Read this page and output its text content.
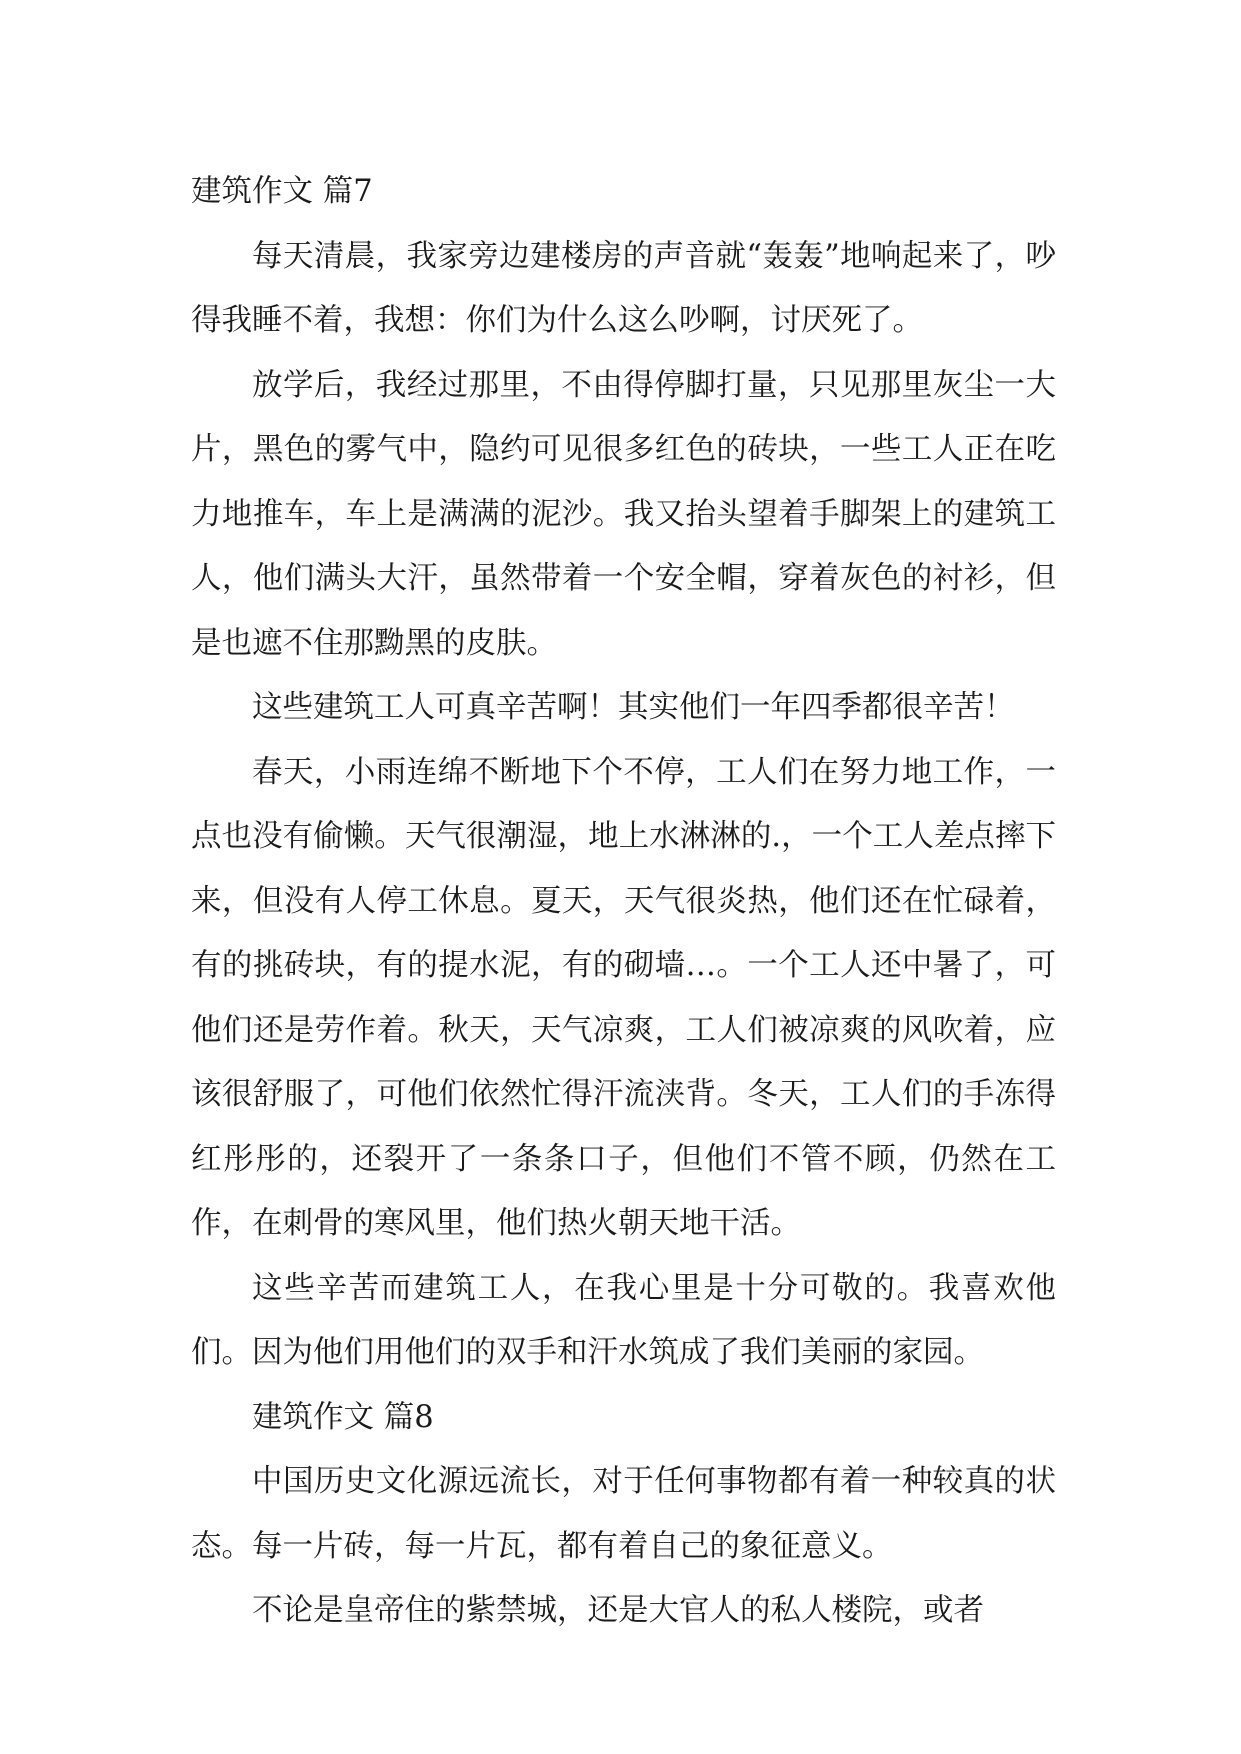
建筑作文 篇7

每天清晨，我家旁边建楼房的声音就“轰轰”地响起来了，吵得我睡不着，我想：你们为什么这么吵啊，讨厌死了。

放学后，我经过那里，不由得停脚打量，只见那里灰尘一大片，黑色的雾气中，隐约可见很多红色的砖块，一些工人正在吃力地推车，车上是满满的泥沙。我又抬头望着手脚架上的建筑工人，他们满头大汗，虽然带着一个安全帽，穿着灰色的衬衫，但是也遮不住那黝黑的皮肤。

这些建筑工人可真辛苦啊！其实他们一年四季都很辛苦！

春天，小雨连绵不断地下个不停，工人们在努力地工作，一点也没有偷懒。天气很潮湿，地上水淋淋的.，一个工人差点摔下来，但没有人停工休息。夏天，天气很炎热，他们还在忙碌着，有的挑砖块，有的提水泥，有的砌墙…。一个工人还中暑了，可他们还是劳作着。秋天，天气凉爽，工人们被凉爽的风吹着，应该很舒服了，可他们依然忙得汗流浃背。冬天，工人们的手冻得红彤彤的，还裂开了一条条口子，但他们不管不顾，仍然在工作，在刺骨的寒风里，他们热火朝天地干活。

这些辛苦而建筑工人，在我心里是十分可敬的。我喜欢他们。因为他们用他们的双手和汗水筑成了我们美丽的家园。

建筑作文 篇8

中国历史文化源远流长，对于任何事物都有着一种较真的状态。每一片砖，每一片瓦，都有着自己的象征意义。

不论是皇帝住的紫禁城，还是大官人的私人楼院，或者
